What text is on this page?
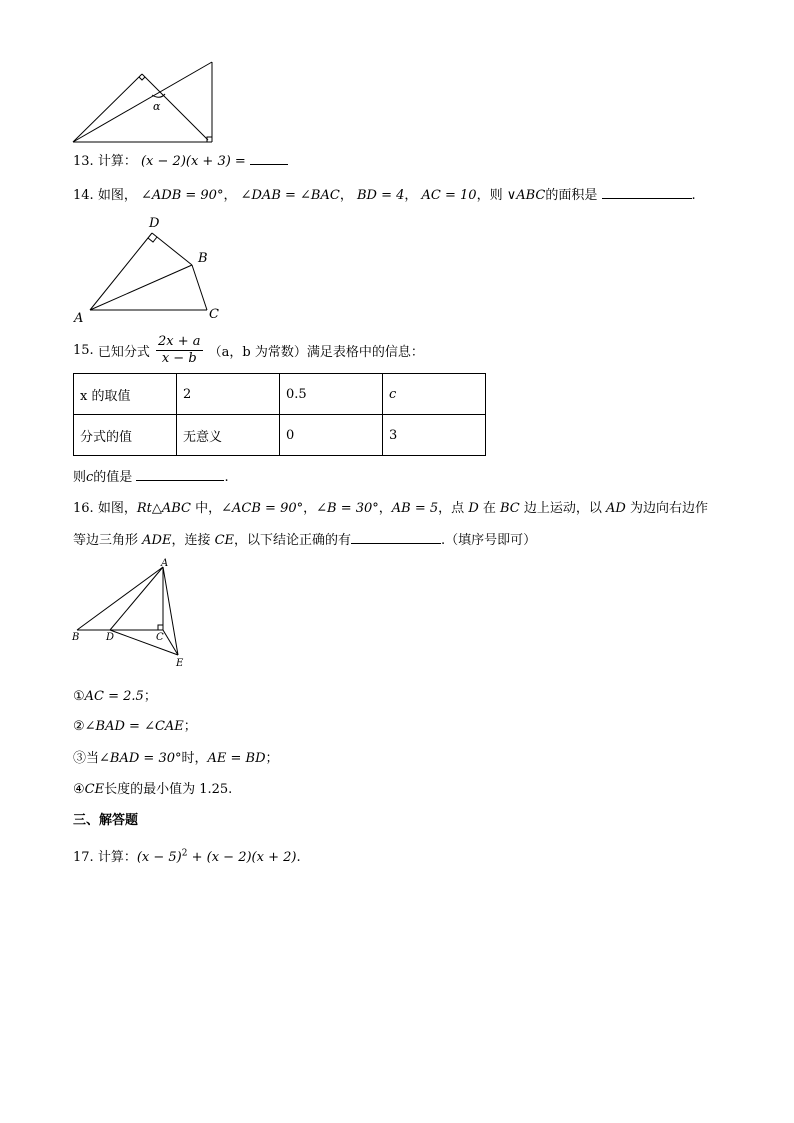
α
13. 计算： (x − 2)(x + 3) =
14. 如图， ∠ADB = 90°， ∠DAB = ∠BAC， BD = 4， AC = 10，则 ∨ABC的面积是	.
D
B
A	C
15. 已知分式 $\frac{2x + a}{x - b} (a$，b 为常数）满足表格中的信息：
x 的取值	2	0.5	c
分式的值	无意义	0	3
则c的值是	.
16. 如图，Rt△ABC 中，∠ACB = 90°，∠B = 30°，AB = 5，点 D 在 BC 边上运动，以 AD 为边向右边作
等边三角形 ADE，连接 CE，以下结论正确的有	.（填序号即可）
A
B	D	C
E
①AC = 2.5；
②∠BAD = ∠CAE；
③当∠BAD = 30°时，AE = BD；
④CE长度的最小值为 1.25.
三、解答题
17. 计算：$(x - 5)^2 + (x - 2)(x + 2)$.
